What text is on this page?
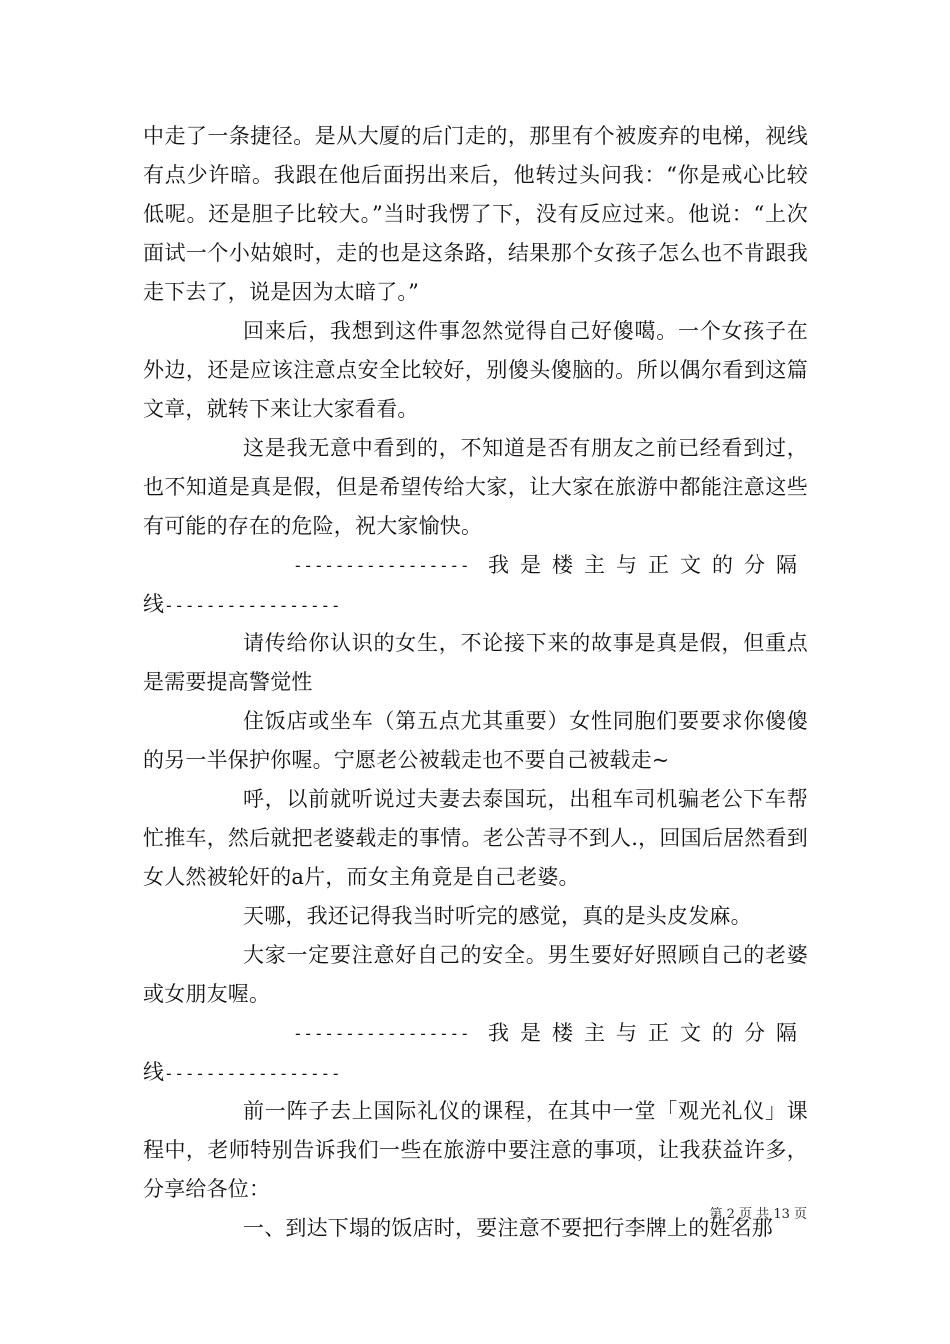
中走了一条捷径。是从大厦的后门走的，那里有个被废弃的电梯，视线有点少许暗。我跟在他后面拐出来后，他转过头问我：“你是戒心比较低呢。还是胆子比较大。”当时我愣了下，没有反应过来。他说：“上次面试一个小姑娘时，走的也是这条路，结果那个女孩子怎么也不肯跟我走下去了，说是因为太暗了。”

回来后，我想到这件事忽然觉得自己好傻噶。一个女孩子在外边，还是应该注意点安全比较好，别傻头傻脑的。所以偶尔看到这篇文章，就转下来让大家看看。

这是我无意中看到的，不知道是否有朋友之前已经看到过，也不知道是真是假，但是希望传给大家，让大家在旅游中都能注意这些有可能的存在的危险，祝大家愉快。

----------------- 我是楼主与正文的分隔
线-----------------

请传给你认识的女生，不论接下来的故事是真是假，但重点是需要提高警觉性

住饭店或坐车（第五点尤其重要）女性同胞们要要求你傻傻的另一半保护你喔。宁愿老公被载走也不要自己被载走~

呼，以前就听说过夫妻去泰国玩，出租车司机骗老公下车帮忙推车，然后就把老婆载走的事情。老公苦寻不到人.，回国后居然看到女人然被轮奸的a片，而女主角竟是自己老婆。

天哪，我还记得我当时听完的感觉，真的是头皮发麻。

大家一定要注意好自己的安全。男生要好好照顾自己的老婆或女朋友喔。

----------------- 我是楼主与正文的分隔
线-----------------

前一阵子去上国际礼仪的课程，在其中一堂「观光礼仪」课程中，老师特别告诉我们一些在旅游中要注意的事项，让我获益许多，分享给各位：

一、到达下塌的饭店时，要注意不要把行李牌上的姓名那

第 2 页 共 13 页
